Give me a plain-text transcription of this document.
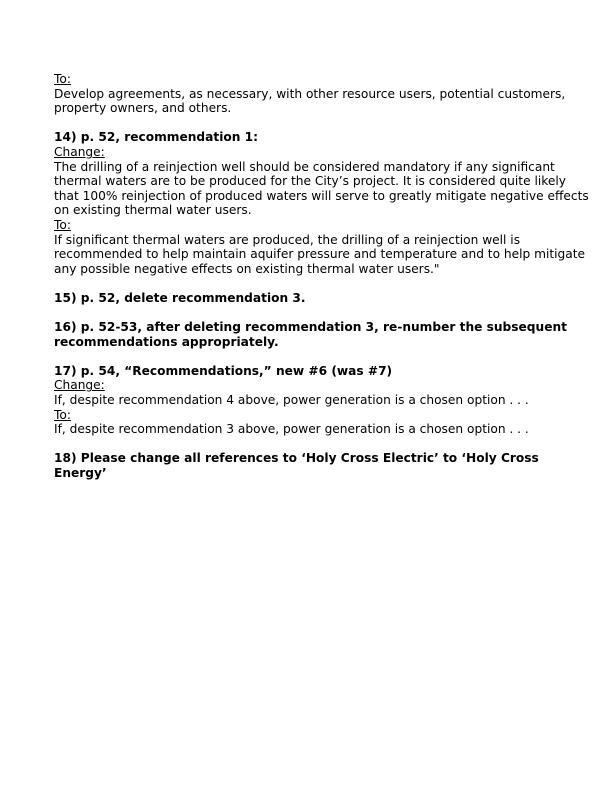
To:

Develop agreements, as necessary, with other resource users, potential customers, property owners, and others.

14) p. 52, recommendation 1:

Change:

The drilling of a reinjection well should be considered mandatory if any significant thermal waters are to be produced for the City’s project. It is considered quite likely that 100% reinjection of produced waters will serve to greatly mitigate negative effects on existing thermal water users.

To:

If significant thermal waters are produced, the drilling of a reinjection well is recommended to help maintain aquifer pressure and temperature and to help mitigate any possible negative effects on existing thermal water users."

15) p. 52, delete recommendation 3.

16) p. 52-53, after deleting recommendation 3, re-number the subsequent recommendations appropriately.

17) p. 54, “Recommendations,” new #6 (was #7)

Change:

If, despite recommendation 4 above, power generation is a chosen option . . .

To:

If, despite recommendation 3 above, power generation is a chosen option . . .

18) Please change all references to ‘Holy Cross Electric’ to ‘Holy Cross Energy’
